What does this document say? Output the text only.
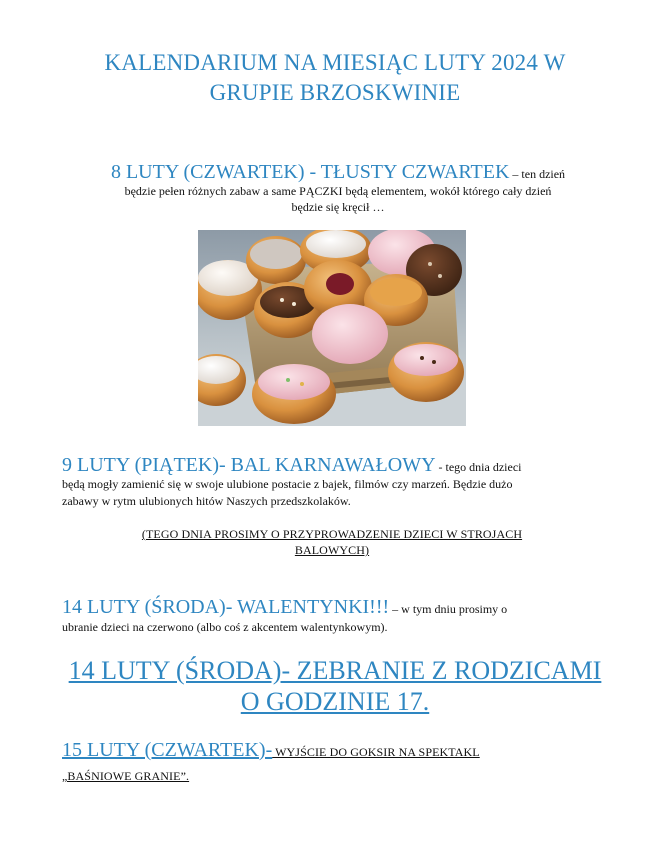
KALENDARIUM NA MIESIĄC LUTY 2024 W
GRUPIE BRZOSKWINIE
8 LUTY (CZWARTEK) - TŁUSTY CZWARTEK – ten dzień
będzie pełen różnych zabaw a same PĄCZKI będą elementem, wokół którego cały dzień
będzie się kręcił …
9 LUTY (PIĄTEK)- BAL KARNAWAŁOWY - tego dnia dzieci
będą mogły zamienić się w swoje ulubione postacie z bajek, filmów czy marzeń. Będzie dużo
zabawy w rytm ulubionych hitów Naszych przedszkolaków.
(TEGO DNIA PROSIMY O PRZYPROWADZENIE DZIECI W STROJACH
BALOWYCH)
14 LUTY (ŚRODA)- WALENTYNKI!!! – w tym dniu prosimy o
ubranie dzieci na czerwono (albo coś z akcentem walentynkowym).
14 LUTY (ŚRODA)- ZEBRANIE Z RODZICAMI
O GODZINIE 17.
15 LUTY (CZWARTEK)- WYJŚCIE DO GOKSIR NA SPEKTAKL
„BAŚNIOWE GRANIE”.
